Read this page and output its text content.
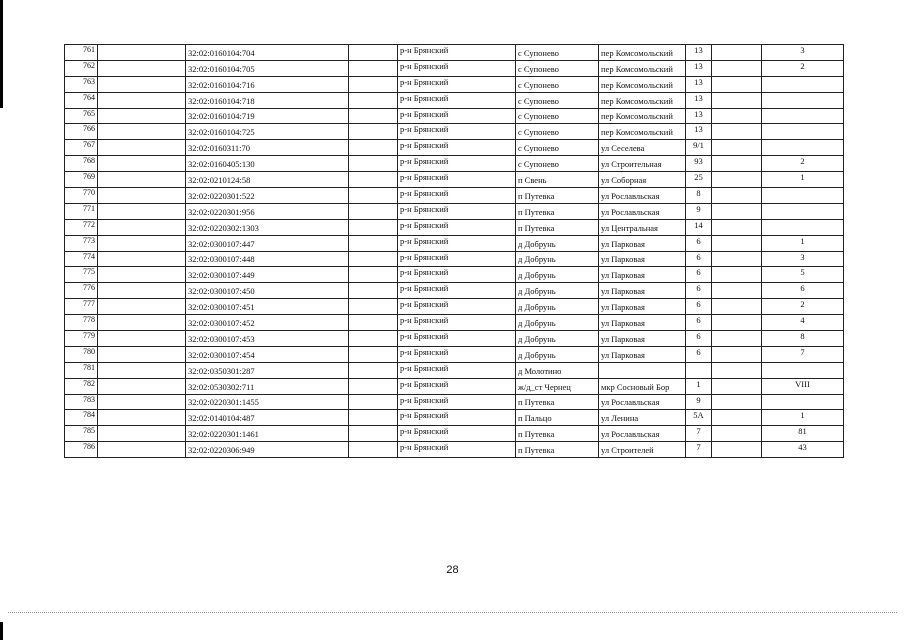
761		32:02:0160104:704		р-н Брянский	с Супонево	пер Комсомольский	13		3
762		32:02:0160104:705		р-н Брянский	с Супонево	пер Комсомольский	13		2
763		32:02:0160104:716		р-н Брянский	с Супонево	пер Комсомольский	13		
764		32:02:0160104:718		р-н Брянский	с Супонево	пер Комсомольский	13		
765		32:02:0160104:719		р-н Брянский	с Супонево	пер Комсомольский	13		
766		32:02:0160104:725		р-н Брянский	с Супонево	пер Комсомольский	13		
767		32:02:0160311:70		р-н Брянский	с Супонево	ул Сеселева	9/1		
768		32:02:0160405:130		р-н Брянский	с Супонево	ул Строительная	93		2
769		32:02:0210124:58		р-н Брянский	п Свень	ул Соборная	25		1
770		32:02:0220301:522		р-н Брянский	п Путевка	ул Рославльская	8		
771		32:02:0220301:956		р-н Брянский	п Путевка	ул Рославльская	9		
772		32:02:0220302:1303		р-н Брянский	п Путевка	ул Центральная	14		
773		32:02:0300107:447		р-н Брянский	д Добрунь	ул Парковая	6		1
774		32:02:0300107:448		р-н Брянский	д Добрунь	ул Парковая	6		3
775		32:02:0300107:449		р-н Брянский	д Добрунь	ул Парковая	6		5
776		32:02:0300107:450		р-н Брянский	д Добрунь	ул Парковая	6		6
777		32:02:0300107:451		р-н Брянский	д Добрунь	ул Парковая	6		2
778		32:02:0300107:452		р-н Брянский	д Добрунь	ул Парковая	6		4
779		32:02:0300107:453		р-н Брянский	д Добрунь	ул Парковая	6		8
780		32:02:0300107:454		р-н Брянский	д Добрунь	ул Парковая	6		7
781		32:02:0350301:287		р-н Брянский	д Молотино				
782		32:02:0530302:711		р-н Брянский	ж/д_ст Чернец	мкр Сосновый Бор	1		VIII
783		32:02:0220301:1455		р-н Брянский	п Путевка	ул Рославльская	9		
784		32:02:0140104:487		р-н Брянский	п Пальцо	ул Ленина	5А		1
785		32:02:0220301:1461		р-н Брянский	п Путевка	ул Рославльская	7		81
786		32:02:0220306:949		р-н Брянский	п Путевка	ул Строителей	7		43
28
